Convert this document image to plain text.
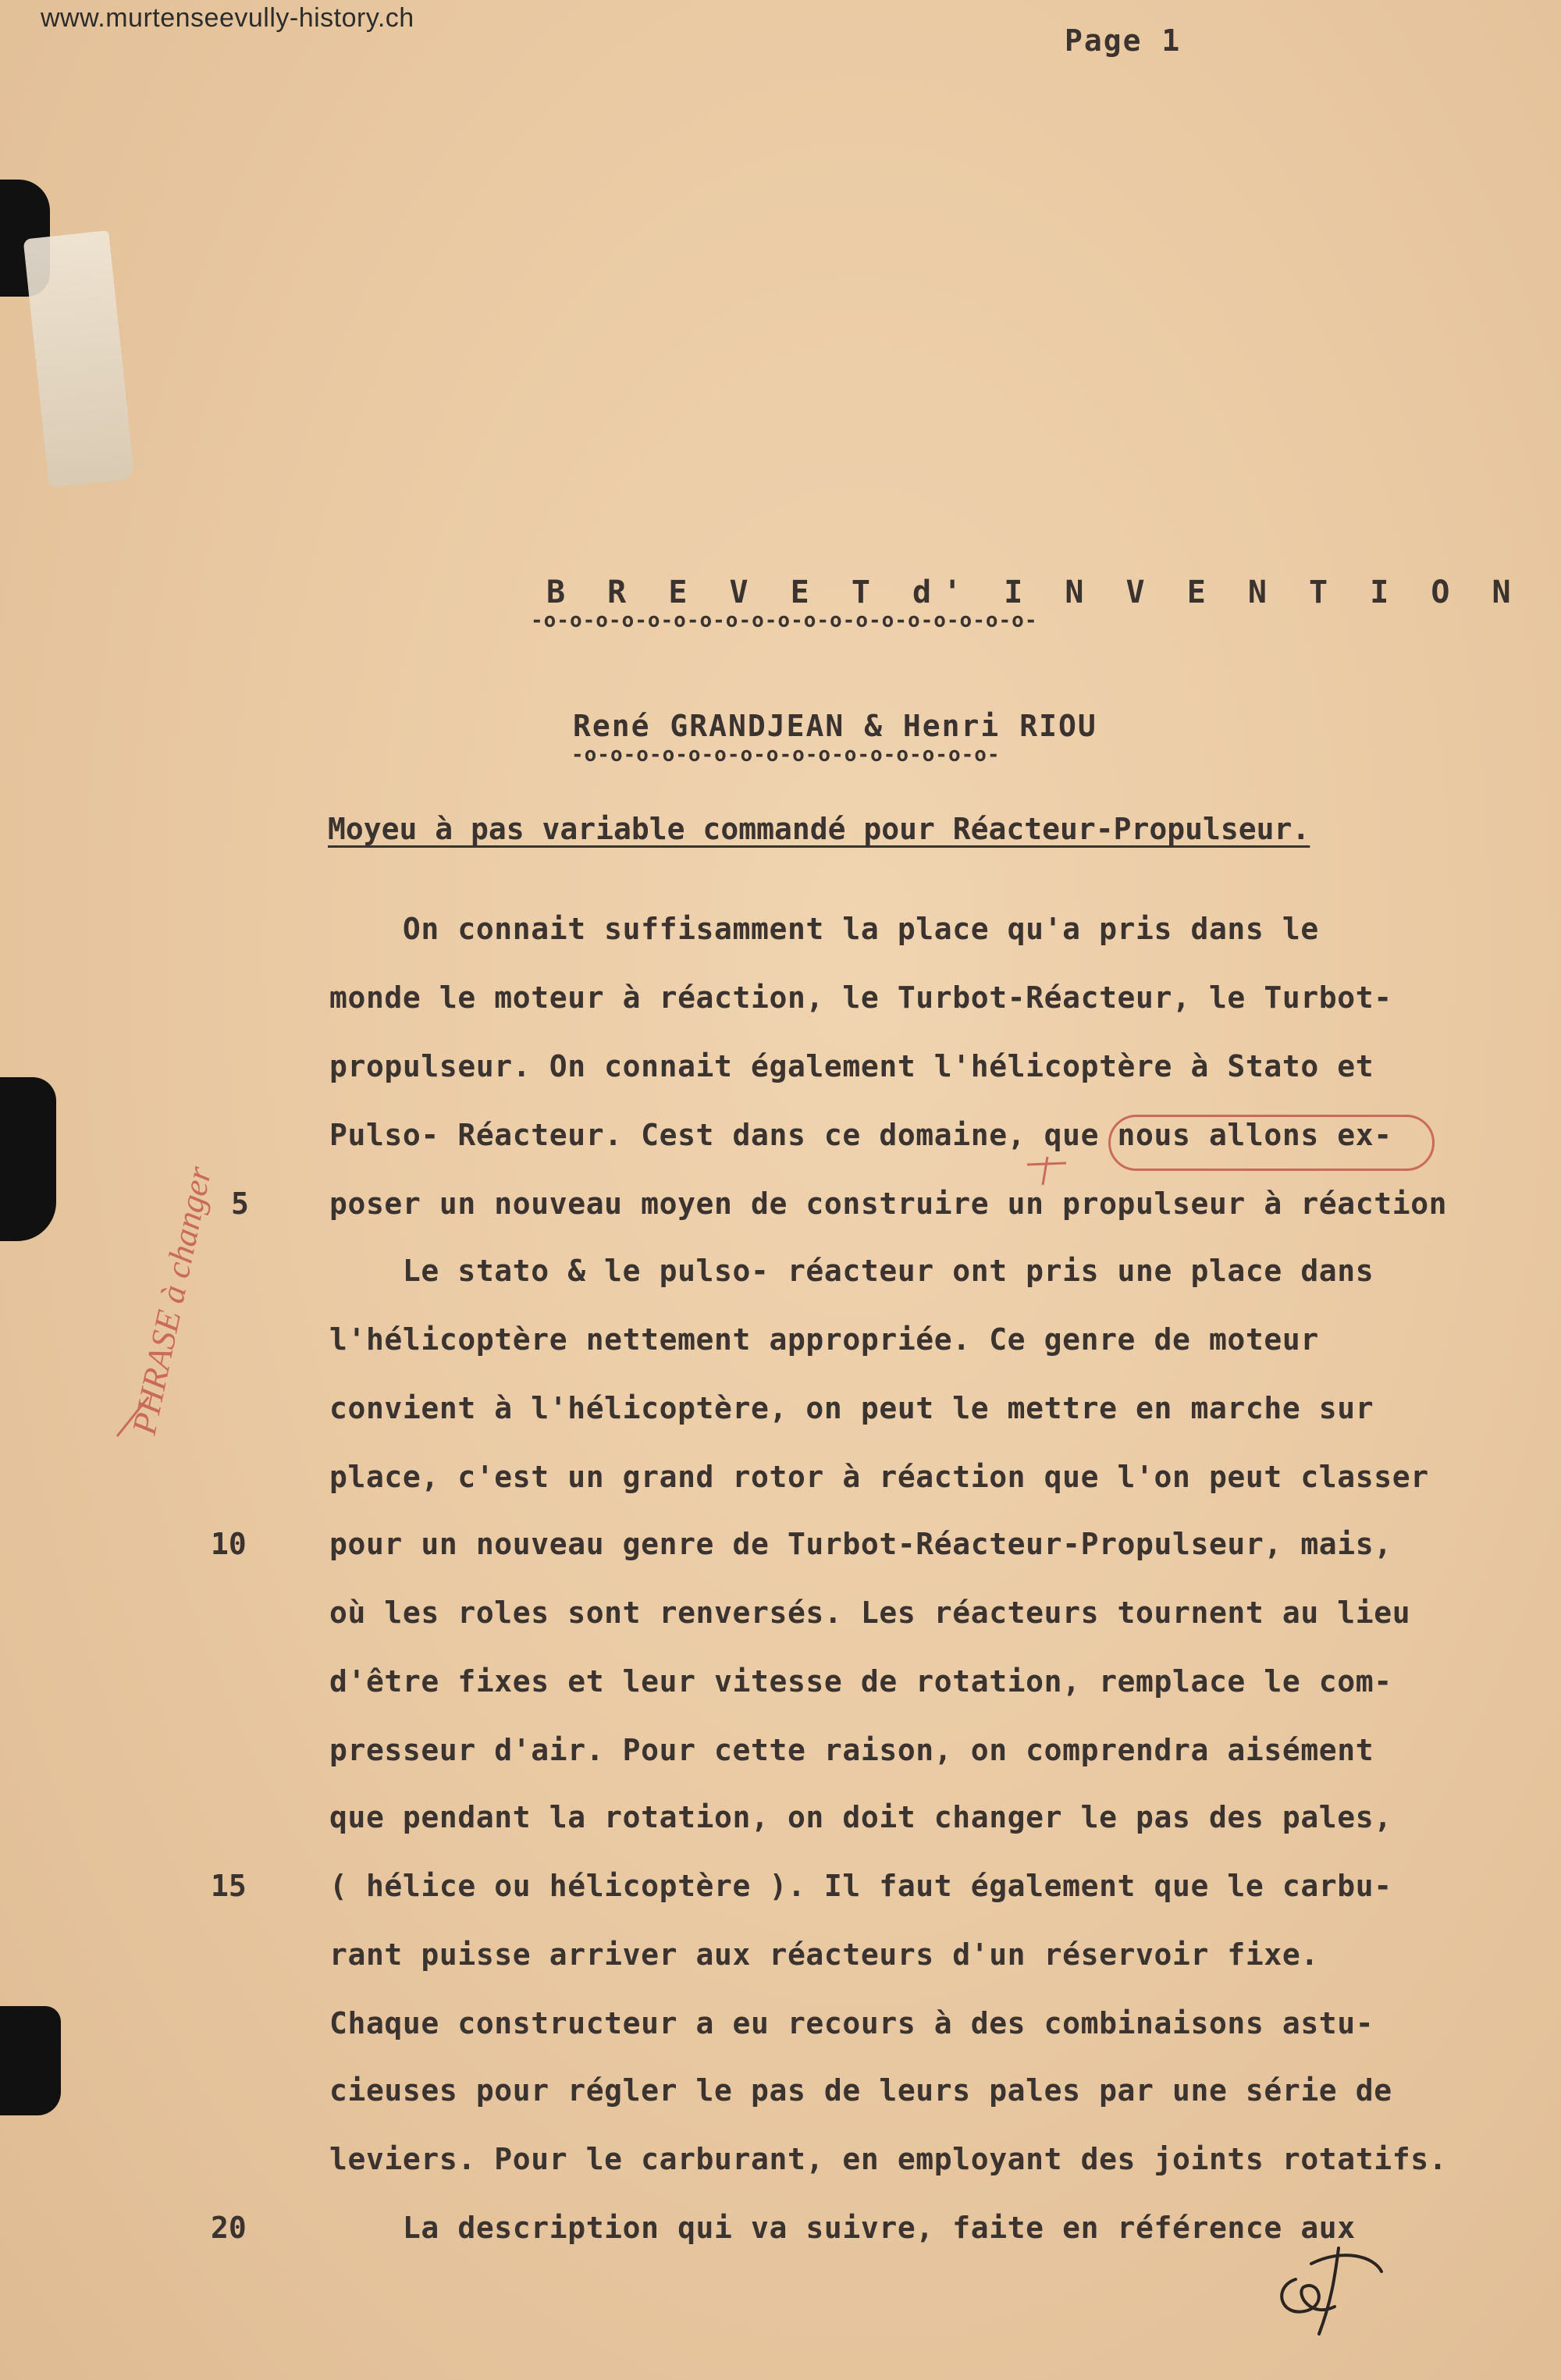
www.murtenseevully-history.ch
Page 1
PHRASE à changer
B R E V E T d' I N V E N T I O N
-o-o-o-o-o-o-o-o-o-o-o-o-o-o-o-o-o-o-o-
René GRANDJEAN & Henri RIOU
-o-o-o-o-o-o-o-o-o-o-o-o-o-o-o-o-
Moyeu à pas variable commandé pour Réacteur-Propulseur.
On connait suffisamment la place qu'a pris dans le
monde le moteur à réaction, le Turbot-Réacteur, le Turbot-
propulseur. On connait également l'hélicoptère à Stato et
Pulso- Réacteur. Cest dans ce domaine, que nous allons ex-
poser un nouveau moyen de construire un propulseur à réaction
Le stato & le pulso- réacteur ont pris une place dans
l'hélicoptère nettement appropriée. Ce genre de moteur
convient à l'hélicoptère, on peut le mettre en marche sur
place, c'est un grand rotor à réaction que l'on peut classer
pour un nouveau genre de Turbot-Réacteur-Propulseur, mais,
où les roles sont renversés. Les réacteurs tournent au lieu
d'être fixes et leur vitesse de rotation, remplace le com-
presseur d'air. Pour cette raison, on comprendra aisément
que pendant la rotation, on doit changer le pas des pales,
( hélice ou hélicoptère ). Il faut également que le carbu-
rant puisse arriver aux réacteurs d'un réservoir fixe.
Chaque constructeur a eu recours à des combinaisons astu-
cieuses pour régler le pas de leurs pales par une série de
leviers. Pour le carburant, en employant des joints rotatifs.
La description qui va suivre, faite en référence aux
5
10
15
20
